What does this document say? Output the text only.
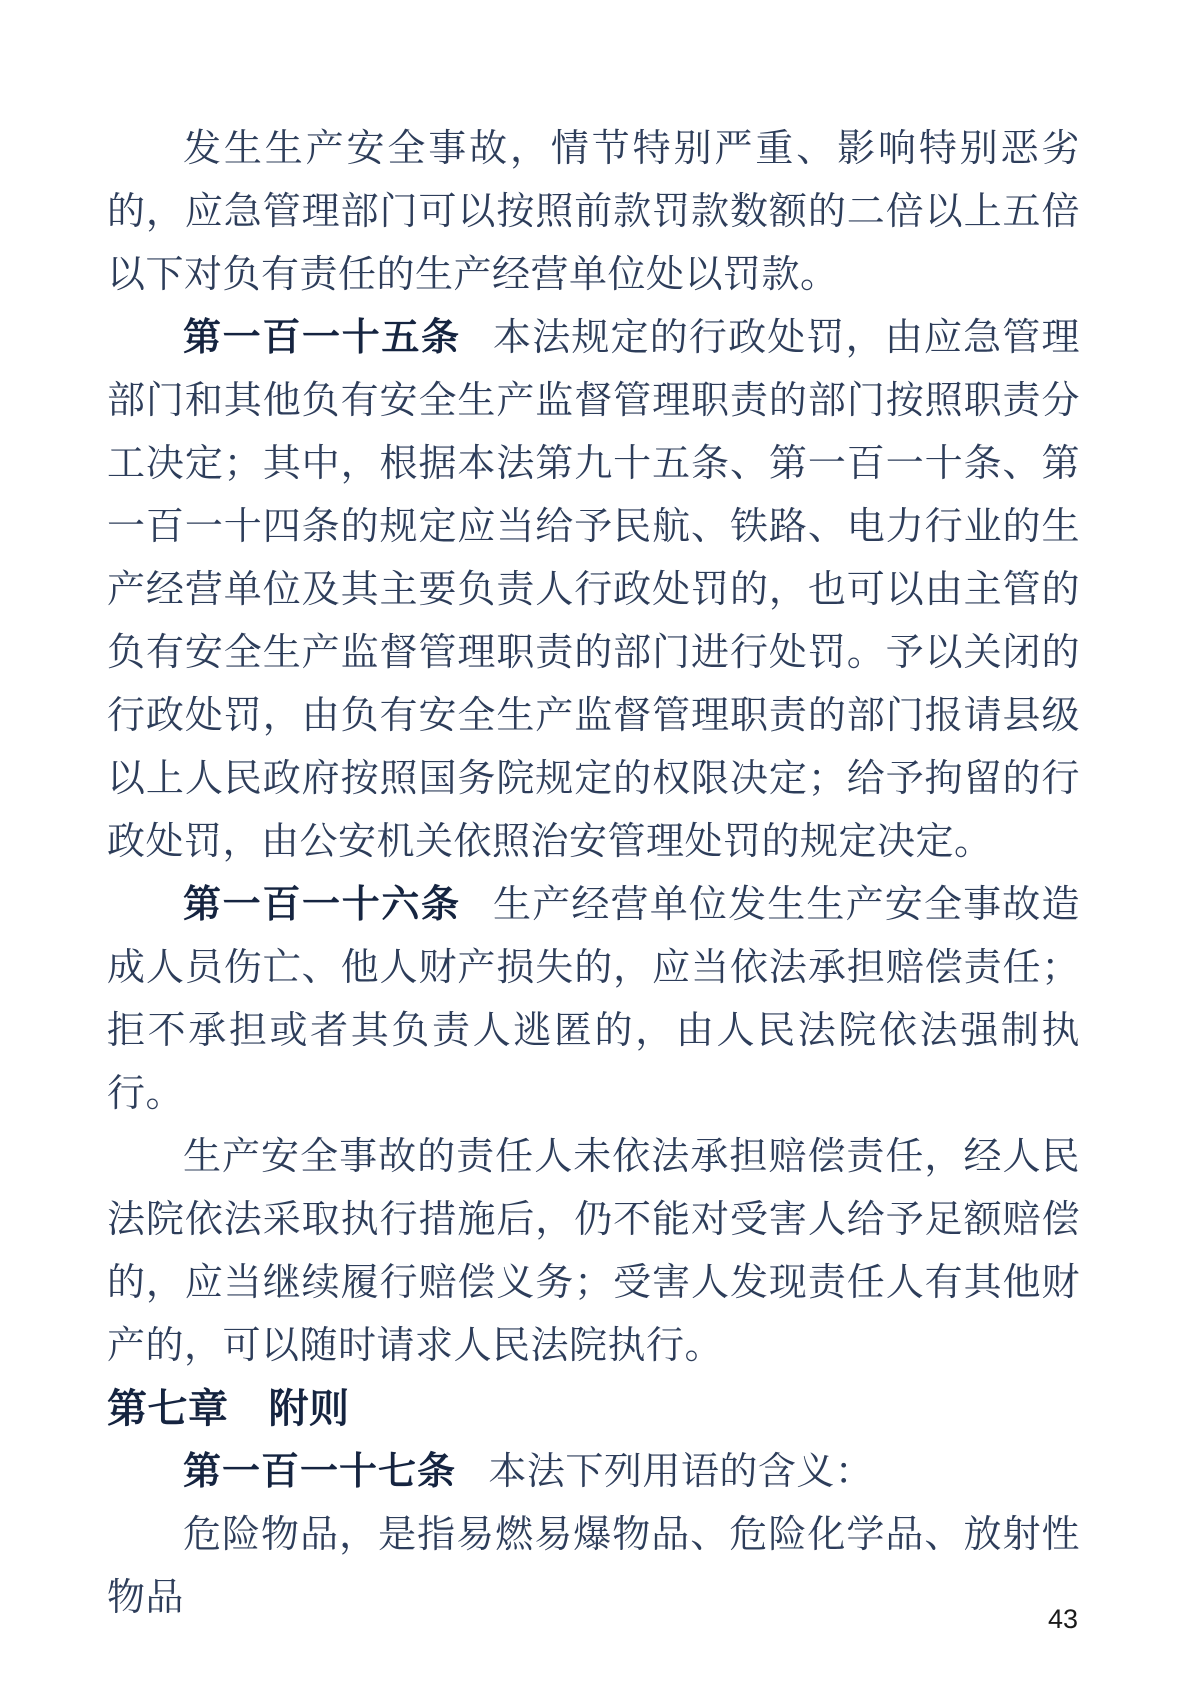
发生生产安全事故，情节特别严重、影响特别恶劣的，应急管理部门可以按照前款罚款数额的二倍以上五倍以下对负有责任的生产经营单位处以罚款。

第一百一十五条 本法规定的行政处罚，由应急管理部门和其他负有安全生产监督管理职责的部门按照职责分工决定；其中，根据本法第九十五条、第一百一十条、第一百一十四条的规定应当给予民航、铁路、电力行业的生产经营单位及其主要负责人行政处罚的，也可以由主管的负有安全生产监督管理职责的部门进行处罚。予以关闭的行政处罚，由负有安全生产监督管理职责的部门报请县级以上人民政府按照国务院规定的权限决定；给予拘留的行政处罚，由公安机关依照治安管理处罚的规定决定。

第一百一十六条 生产经营单位发生生产安全事故造成人员伤亡、他人财产损失的，应当依法承担赔偿责任；拒不承担或者其负责人逃匿的，由人民法院依法强制执行。

生产安全事故的责任人未依法承担赔偿责任，经人民法院依法采取执行措施后，仍不能对受害人给予足额赔偿的，应当继续履行赔偿义务；受害人发现责任人有其他财产的，可以随时请求人民法院执行。

第七章 附则

第一百一十七条 本法下列用语的含义：

危险物品，是指易燃易爆物品、危险化学品、放射性物品	43
